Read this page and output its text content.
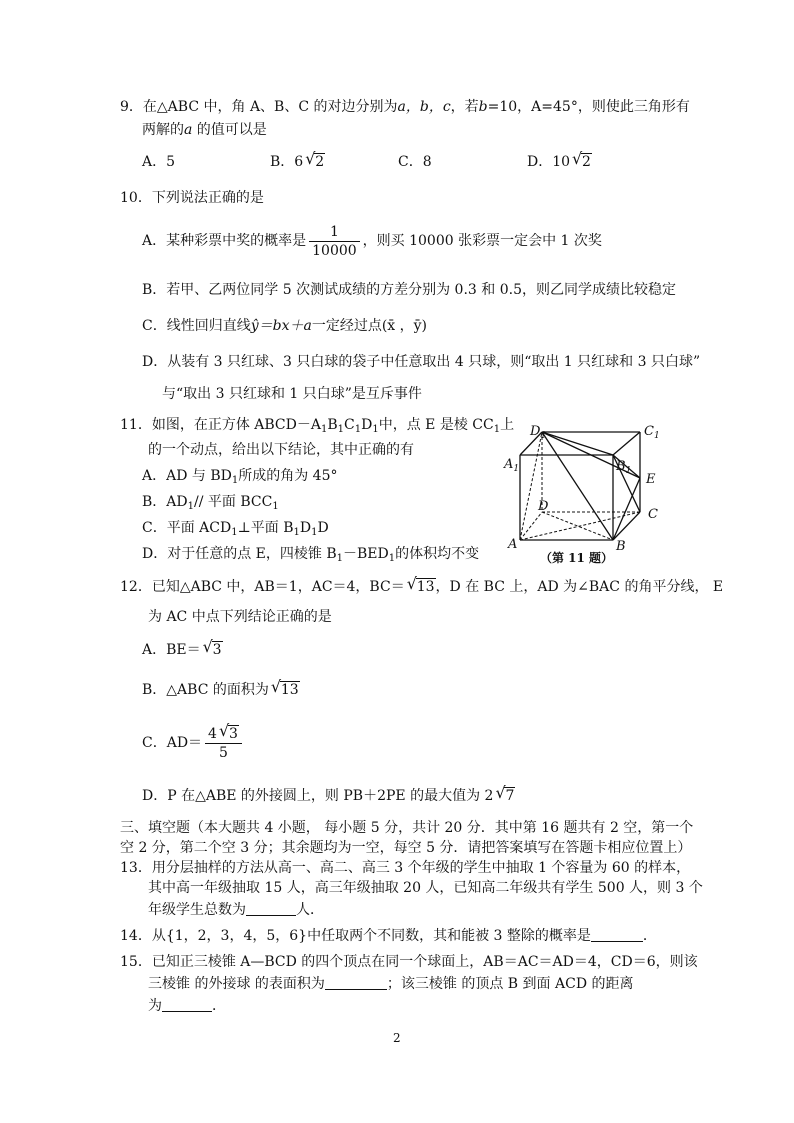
9．在△ABC 中，角 A、B、C 的对边分别为a，b，c，若b=10，A=45°，则使此三角形有
两解的a 的值可以是
A．5	B．6 √ 2	C．8	D．10 √ 2
10．下列说法正确的是
A．某种彩票中奖的概率是 $\frac{1}{10000}$ ，则买 10000 张彩票一定会中 1 次奖
B．若甲、乙两位同学 5 次测试成绩的方差分别为 0.3 和 0.5，则乙同学成绩比较稳定
C．线性回归直线ŷ＝bx＋a一定经过点(x̄ ，ȳ)
D．从装有 3 只红球、3 只白球的袋子中任意取出 4 只球，则“取出 1 只红球和 3 只白球”
与“取出 3 只红球和 1 只白球”是互斥事件
11．如图，在正方体 $ABCD-A_1B_1C_1D_1$中，点 E 是棱 $CC_1$上
的一个动点，给出以下结论，其中正确的有
A．AD 与 $BD_1$所成的角为 45°
B．$AD_1//$ 平面 $BCC_1$
C．平面 $ACD_1\perp$平面 $B_1D_1D$
D．对于任意的点 E，四棱锥 $B_1-BED_1$的体积均不变
$D_1$	$C_1$
$A_1$	$B_1$
E
D
C
A	B
（第 11 题）
12．已知△ABC 中，AB＝1，AC＝4，BC＝ √ 13，D 在 BC 上，AD 为∠BAC 的角平分线， E
为 AC 中点下列结论正确的是
A．BE＝ √ 3
B．△ABC 的面积为 √ 13
C．$AD= \frac{4 √ 3}{5}$
D．P 在△ABE 的外接圆上，则 PB＋2PE 的最大值为 2 √ 7
三、填空题（本大题共 4 小题， 每小题 5 分，共计 20 分．其中第 16 题共有 2 空，第一个
空 2 分，第二个空 3 分；其余题均为一空，每空 5 分．请把答案填写在答题卡相应位置上）
13．用分层抽样的方法从高一、高二、高三 3 个年级的学生中抽取 1 个容量为 60 的样本，
其中高一年级抽取 15 人，高三年级抽取 20 人，已知高二年级共有学生 500 人，则 3 个
年级学生总数为	人．
14．从{1，2，3，4，5，6}中任取两个不同数，其和能被 3 整除的概率是	．
15．已知正三棱锥 A—BCD 的四个顶点在同一个球面上，AB＝AC＝AD＝4，CD＝6，则该
三棱锥 的外接球 的表面积为	；该三棱锥 的顶点 B 到面 ACD 的距离
为	．
2
